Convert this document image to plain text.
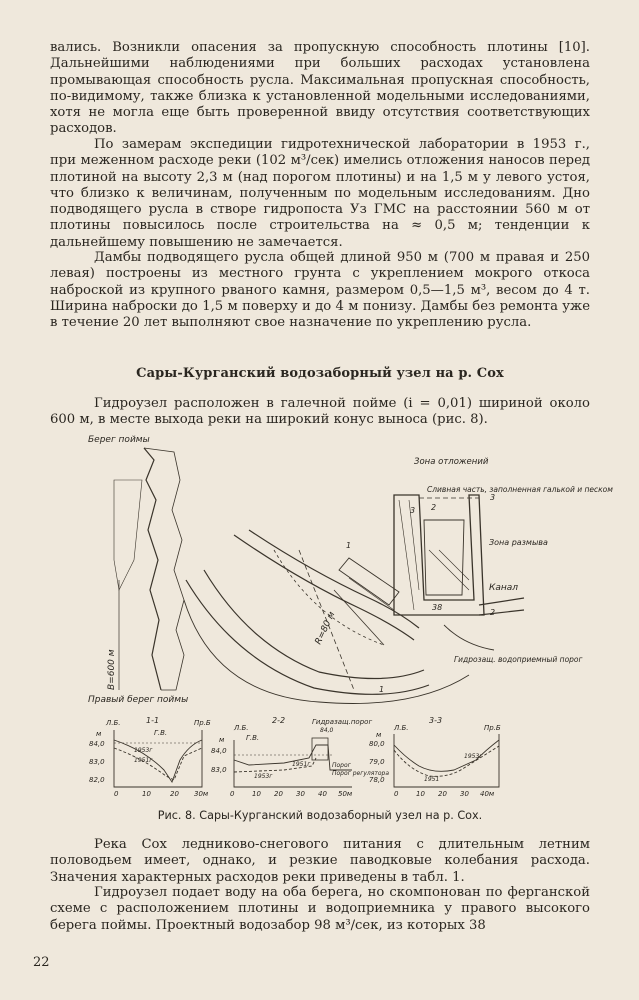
вались. Возникли опасения за пропускную способность плотины [10]. Дальнейшими наблюдениями при больших расходах установлена промывающая способность русла. Максимальная пропускная способность, по-видимому, также близка к установленной модельными исследованиями, хотя не могла еще быть проверенной ввиду отсутствия соответствующих расходов.

По замерам экспедиции гидротехнической лаборатории в 1953 г., при меженном расходе реки (102 м³/сек) имелись отложения наносов перед плотиной на высоту 2,3 м (над порогом плотины) и на 1,5 м у левого устоя, что близко к величинам, полученным по модельным исследованиям. Дно подводящего русла в створе гидропоста Уз ГМС на расстоянии 560 м от плотины повысилось после строительства на ≈ 0,5 м; тенденции к дальнейшему повышению не замечается.

Дамбы подводящего русла общей длиной 950 м (700 м правая и 250 левая) построены из местного грунта с укреплением мокрого откоса наброской из крупного рваного камня, размером 0,5—1,5 м³, весом до 4 т. Ширина наброски до 1,5 м поверху и до 4 м понизу. Дамбы без ремонта уже в течение 20 лет выполняют свое назначение по укреплению русла.

Сары-Курганский водозаборный узел на р. Сох

Гидроузел расположен в галечной пойме (i = 0,01) шириной около 600 м, в месте выхода реки на широкий конус выноса (рис. 8).

Берег поймы
В=600 м
Правый берег поймы
R=80 м
Зона отложений
Сливная часть, заполненная галькой и песком
Зона размыва
Канал
Гидрозащ. водоприемный порог
38
1
1
2
2
3
3
1-1
Л.Б.	Пр.Б
м	Г.В.
84,0
83,0
82,0
0	10	20 30м
1953г
1951г
2-2
Л.Б.
м	Г.В.
Гидразащ.порог
84,0
Порог
Порог регулятора
1951г
1953г
84,0
83,0
0	10 20 30 40 50м
3-3
Л.Б.	Пр.Б
м
80,0
79,0
78,0
0	10 20 30 40м
1953г
1951
Рис. 8. Сары-Курганский водозаборный узел на р. Сох.

Река Сох ледниково-снегового питания с длительным летним половодьем имеет, однако, и резкие паводковые колебания расхода. Значения характерных расходов реки приведены в табл. 1.

Гидроузел подает воду на оба берега, но скомпонован по ферганской схеме с расположением плотины и водоприемника у правого высокого берега поймы. Проектный водозабор 98 м³/сек, из которых 38

22
